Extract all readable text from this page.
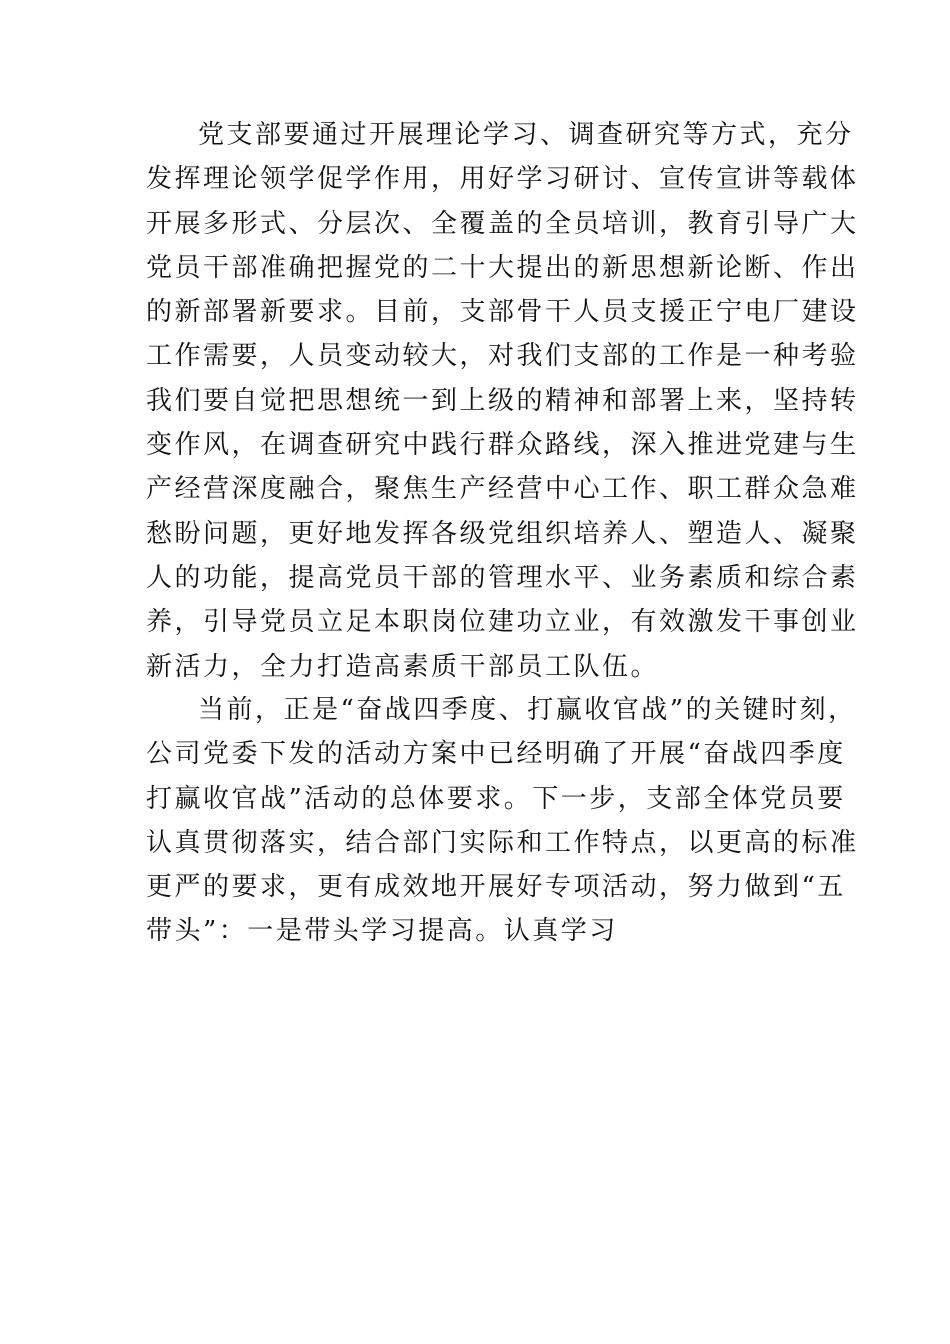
党支部要通过开展理论学习、调查研究等方式，充分
发挥理论领学促学作用，用好学习研讨、宣传宣讲等载体
开展多形式、分层次、全覆盖的全员培训，教育引导广大
党员干部准确把握党的二十大提出的新思想新论断、作出
的新部署新要求。目前，支部骨干人员支援正宁电厂建设
工作需要，人员变动较大，对我们支部的工作是一种考验
我们要自觉把思想统一到上级的精神和部署上来，坚持转
变作风，在调查研究中践行群众路线，深入推进党建与生
产经营深度融合，聚焦生产经营中心工作、职工群众急难
愁盼问题，更好地发挥各级党组织培养人、塑造人、凝聚
人的功能，提高党员干部的管理水平、业务素质和综合素
养，引导党员立足本职岗位建功立业，有效激发干事创业
新活力，全力打造高素质干部员工队伍。
当前，正是“奋战四季度、打赢收官战”的关键时刻，
公司党委下发的活动方案中已经明确了开展“奋战四季度
打赢收官战”活动的总体要求。下一步，支部全体党员要
认真贯彻落实，结合部门实际和工作特点，以更高的标准
更严的要求，更有成效地开展好专项活动，努力做到“五
带头”：一是带头学习提高。认真学习
